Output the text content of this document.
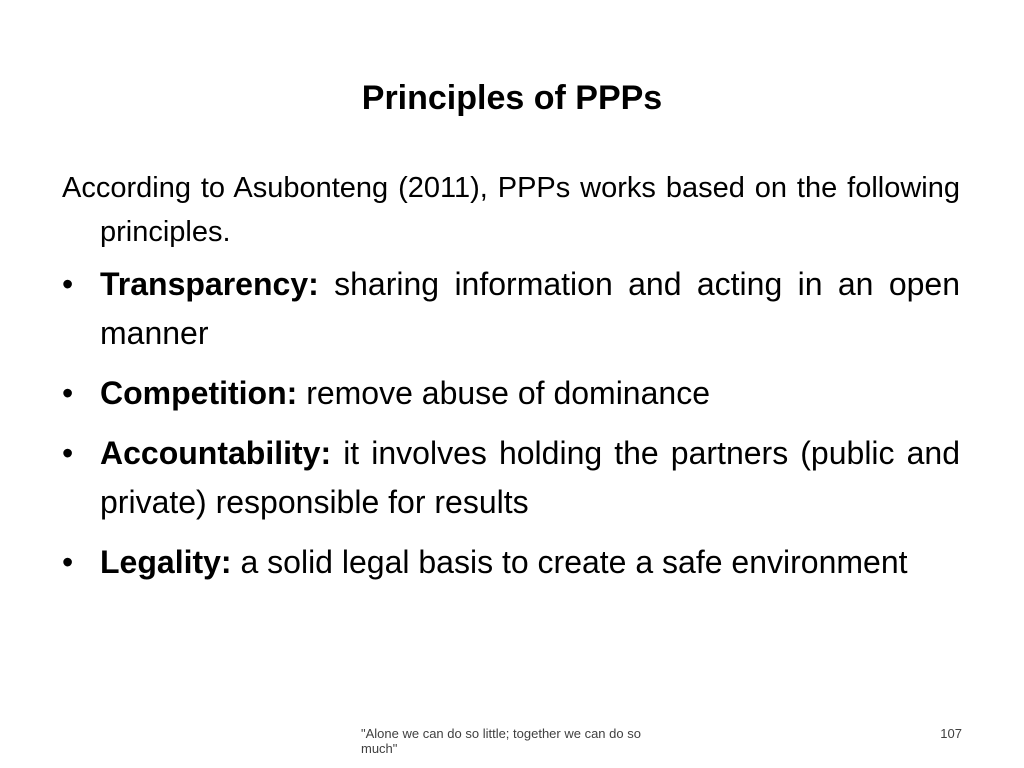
Principles of PPPs

According to Asubonteng (2011), PPPs works based on the following principles.

• Transparency: sharing information and acting in an open manner
• Competition: remove abuse of dominance
• Accountability: it involves holding the partners (public and private) responsible for results
• Legality: a solid legal basis to create a safe environment
"Alone we can do so little; together we can do so much"
107
